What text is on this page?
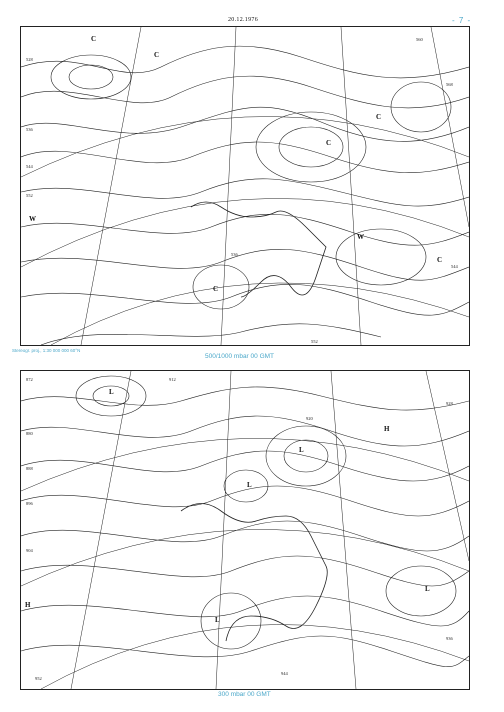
20.12.1976	- 7 -
C
C
C
W
W
C
C
C
528
536
544
552
560
568
544
536
552
Stereogr. proj., 1:30 000 000 60°N
500/1000 mbar 00 GMT
L
L
L
H
H
L
L
872
880
888
896
904
912
920
928
936
944
952
300 mbar 00 GMT
